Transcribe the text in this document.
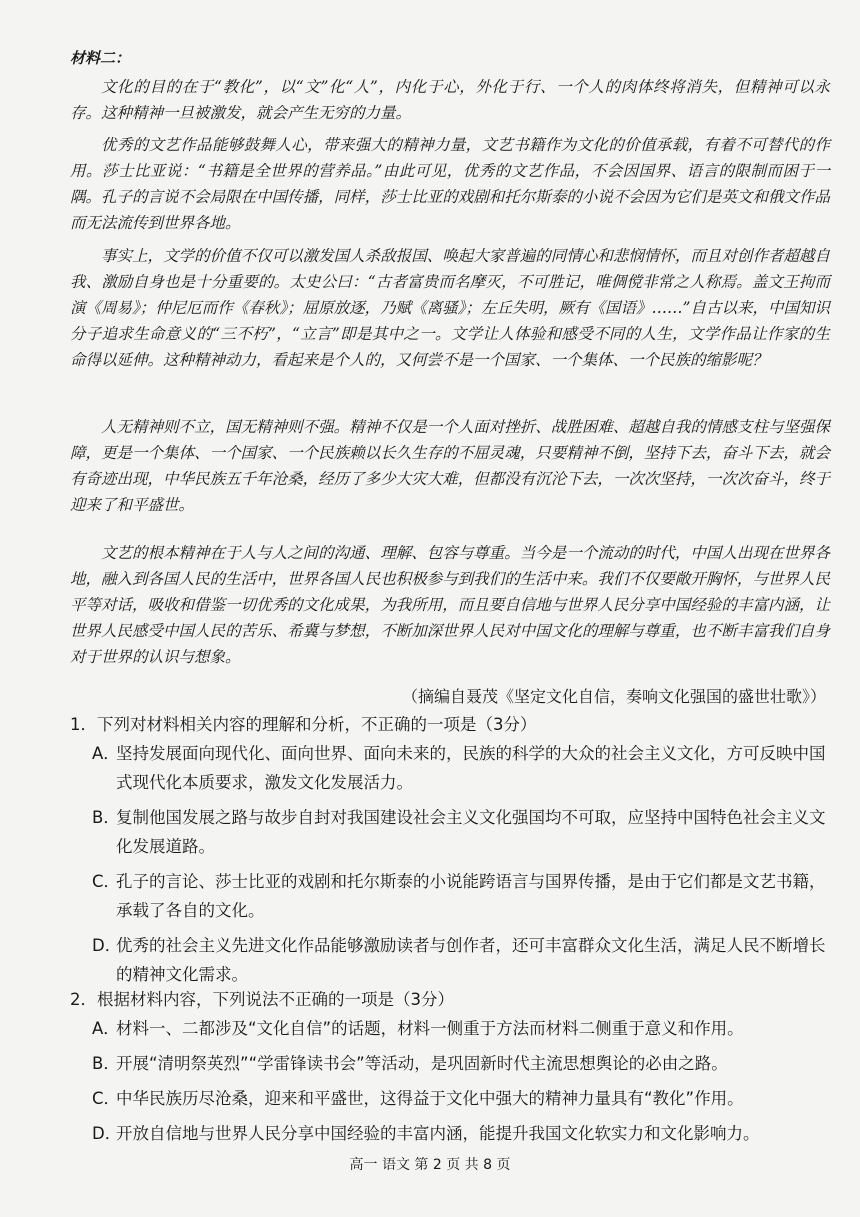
材料二：

文化的目的在于“教化”，以“文”化“人”，内化于心，外化于行、一个人的肉体终将消失，但精神可以永存。这种精神一旦被激发，就会产生无穷的力量。

优秀的文艺作品能够鼓舞人心，带来强大的精神力量，文艺书籍作为文化的价值承载，有着不可替代的作用。莎士比亚说：“书籍是全世界的营养品。”由此可见，优秀的文艺作品，不会因国界、语言的限制而困于一隅。孔子的言说不会局限在中国传播，同样，莎士比亚的戏剧和托尔斯泰的小说不会因为它们是英文和俄文作品而无法流传到世界各地。

事实上，文学的价值不仅可以激发国人杀敌报国、唤起大家普遍的同情心和悲悯情怀，而且对创作者超越自我、激励自身也是十分重要的。太史公曰：“古者富贵而名摩灭，不可胜记，唯倜傥非常之人称焉。盖文王拘而演《周易》；仲尼厄而作《春秋》；屈原放逐，乃赋《离骚》；左丘失明，厥有《国语》……”自古以来，中国知识分子追求生命意义的“三不朽”，“立言”即是其中之一。文学让人体验和感受不同的人生，文学作品让作家的生命得以延伸。这种精神动力，看起来是个人的，又何尝不是一个国家、一个集体、一个民族的缩影呢？

人无精神则不立，国无精神则不强。精神不仅是一个人面对挫折、战胜困难、超越自我的情感支柱与坚强保障，更是一个集体、一个国家、一个民族赖以长久生存的不屈灵魂，只要精神不倒，坚持下去，奋斗下去，就会有奇迹出现，中华民族五千年沧桑，经历了多少大灾大难，但都没有沉沦下去，一次次坚持，一次次奋斗，终于迎来了和平盛世。

文艺的根本精神在于人与人之间的沟通、理解、包容与尊重。当今是一个流动的时代，中国人出现在世界各地，融入到各国人民的生活中，世界各国人民也积极参与到我们的生活中来。我们不仅要敞开胸怀，与世界人民平等对话，吸收和借鉴一切优秀的文化成果，为我所用，而且要自信地与世界人民分享中国经验的丰富内涵，让世界人民感受中国人民的苦乐、希冀与梦想，不断加深世界人民对中国文化的理解与尊重，也不断丰富我们自身对于世界的认识与想象。

（摘编自聂茂《坚定文化自信，奏响文化强国的盛世壮歌》）

1．下列对材料相关内容的理解和分析，不正确的一项是（3分）

A．坚持发展面向现代化、面向世界、面向未来的，民族的科学的大众的社会主义文化，方可反映中国式现代化本质要求，激发文化发展活力。

B．复制他国发展之路与故步自封对我国建设社会主义文化强国均不可取，应坚持中国特色社会主义文化发展道路。

C．孔子的言论、莎士比亚的戏剧和托尔斯泰的小说能跨语言与国界传播，是由于它们都是文艺书籍，承载了各自的文化。

D．优秀的社会主义先进文化作品能够激励读者与创作者，还可丰富群众文化生活，满足人民不断增长的精神文化需求。

2．根据材料内容，下列说法不正确的一项是（3分）

A．材料一、二都涉及“文化自信”的话题，材料一侧重于方法而材料二侧重于意义和作用。

B．开展“清明祭英烈”“学雷锋读书会”等活动，是巩固新时代主流思想舆论的必由之路。

C．中华民族历尽沧桑，迎来和平盛世，这得益于文化中强大的精神力量具有“教化”作用。

D．开放自信地与世界人民分享中国经验的丰富内涵，能提升我国文化软实力和文化影响力。

高一 语文 第 2 页 共 8 页
